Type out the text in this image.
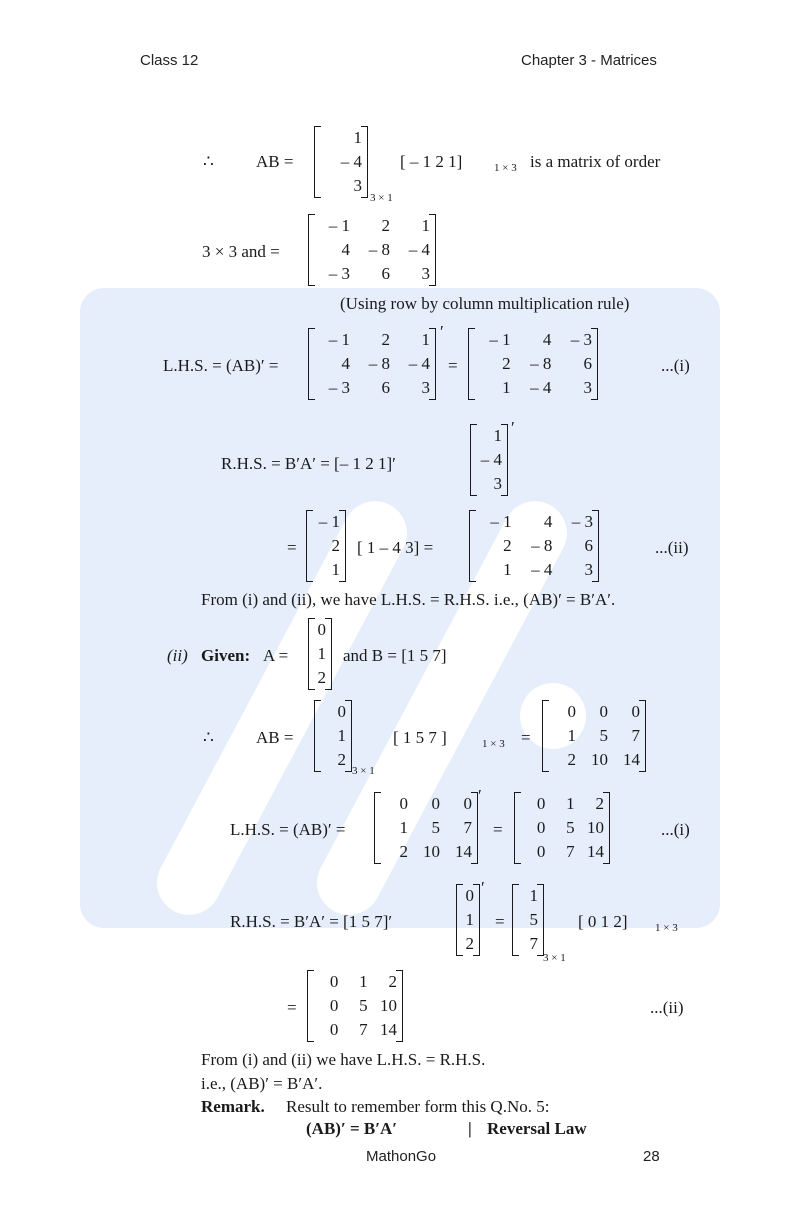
Class 12	Chapter 3 - Matrices
MathonGo	28
∴ AB =
1
– 4
3
3 × 1
[ – 1 2 1]	1 × 3 is a matrix of order
3 × 3 and =
– 1	2	1
4	– 8	– 4
– 3	6	3
(Using row by column multiplication rule)
L.H.S. = (AB)′ =
– 1	2	1
4	– 8	– 4
– 3	6	3
′
=
– 1	4	– 3
2	– 8	6
1	– 4	3
...(i)
R.H.S. = B′A′ = [– 1 2 1]′
1
– 4
3
′
=
– 1
2
1
[ 1 – 4 3] =
– 1	4	– 3
2	– 8	6
1	– 4	3
...(ii)
From (i) and (ii), we have L.H.S. = R.H.S. i.e., (AB)′ = B′A′.
(ii) Given: A =
0
1
2
and B = [1 5 7]
∴ AB =
0
1
2
3 × 1
[ 1 5 7 ]	1 × 3 =
0	0	0
1	5	7
2 10 14
L.H.S. = (AB)′ =
0	0	0
1	5	7
2 10 14
′
=
0	1	2
0	5 10
0	7 14
...(i)
R.H.S. = B′A′ = [1 5 7]′
0
1
2
′
=
1
5
7
3 × 1
[ 0 1 2] 1 × 3
=
0	1	2
0	5 10
0	7 14
...(ii)
From (i) and (ii) we have L.H.S. = R.H.S.
i.e., (AB)′ = B′A′.
Remark. Result to remember form this Q.No. 5:
(AB)′ = B′A′	| Reversal Law
